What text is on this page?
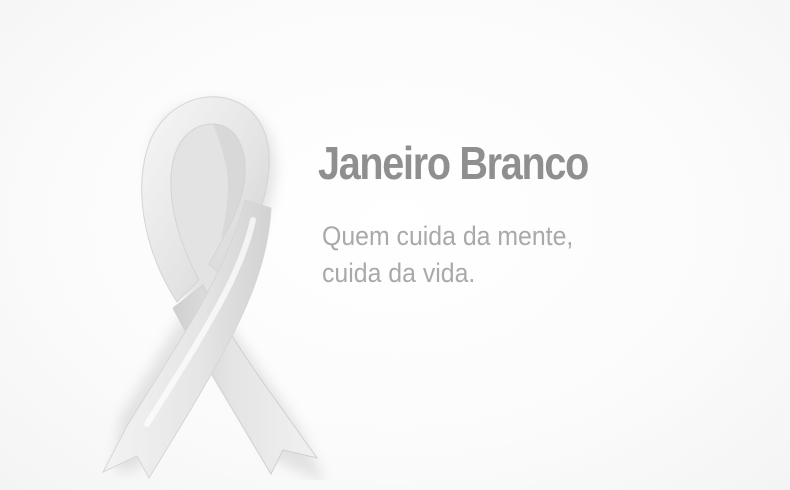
Janeiro Branco
Quem cuida da mente,
cuida da vida.
